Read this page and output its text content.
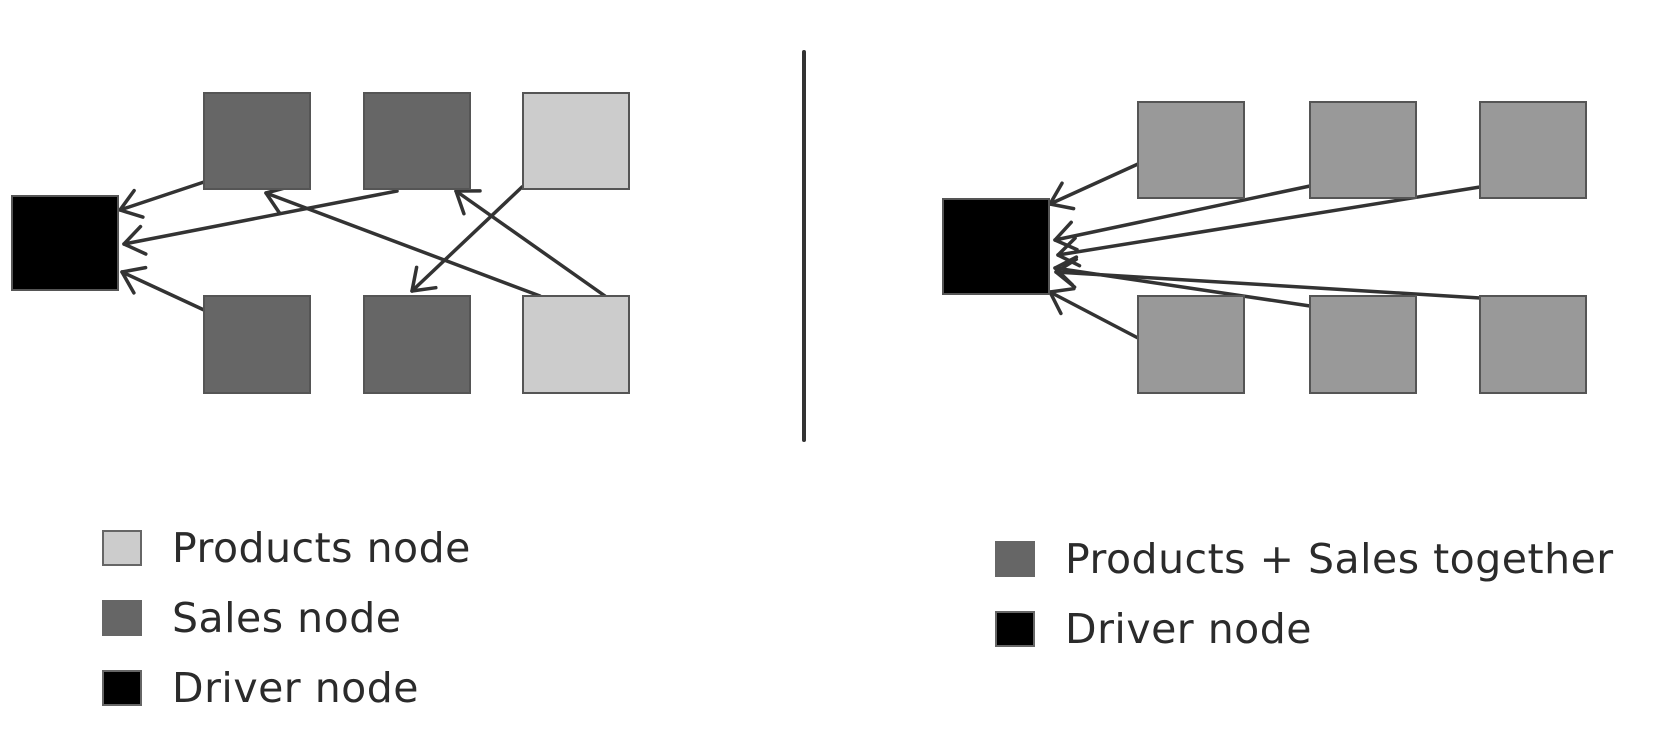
Products node
Sales node
Driver node
Products + Sales together
Driver node
